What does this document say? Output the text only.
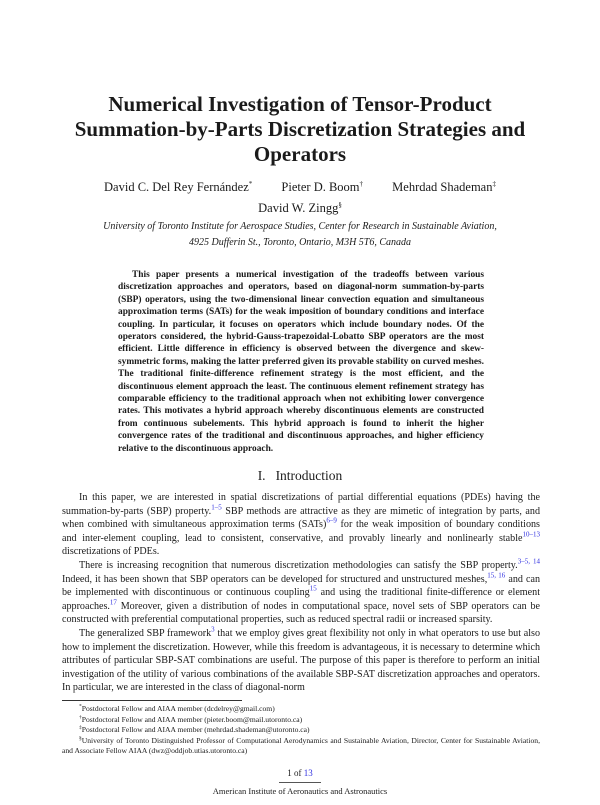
Numerical Investigation of Tensor-Product
Summation-by-Parts Discretization Strategies and
Operators
David C. Del Rey Fernández* Pieter D. Boom† Mehrdad Shademan‡
David W. Zingg§
University of Toronto Institute for Aerospace Studies, Center for Research in Sustainable Aviation,
4925 Dufferin St., Toronto, Ontario, M3H 5T6, Canada
This paper presents a numerical investigation of the tradeoffs between various discretization approaches and operators, based on diagonal-norm summation-by-parts (SBP) operators, using the two-dimensional linear convection equation and simultaneous approximation terms (SATs) for the weak imposition of boundary conditions and interface coupling. In particular, it focuses on operators which include boundary nodes. Of the operators considered, the hybrid-Gauss-trapezoidal-Lobatto SBP operators are the most efficient. Little difference in efficiency is observed between the divergence and skew-symmetric forms, making the latter preferred given its provable stability on curved meshes. The traditional finite-difference refinement strategy is the most efficient, and the discontinuous element approach the least. The continuous element refinement strategy has comparable efficiency to the traditional approach when not exhibiting lower convergence rates. This motivates a hybrid approach whereby discontinuous elements are constructed from continuous subelements. This hybrid approach is found to inherit the higher convergence rates of the traditional and discontinuous approaches, and higher efficiency relative to the discontinuous approach.
I. Introduction

In this paper, we are interested in spatial discretizations of partial differential equations (PDEs) having the summation-by-parts (SBP) property.$^{1-5}$ SBP methods are attractive as they are mimetic of integration by parts, and when combined with simultaneous approximation terms (SATs)$^{6-9}$ for the weak imposition of boundary conditions and inter-element coupling, lead to consistent, conservative, and provably linearly and nonlinearly stable$^{10-13}$ discretizations of PDEs.

There is increasing recognition that numerous discretization methodologies can satisfy the SBP property.$^{3-5, 14}$ Indeed, it has been shown that SBP operators can be developed for structured and unstructured meshes,$^{15, 16}$ and can be implemented with discontinuous or continuous coupling$^{15}$ and using the traditional finite-difference or element approaches.$^{17}$ Moreover, given a distribution of nodes in computational space, novel sets of SBP operators can be constructed with preferential computational properties, such as reduced spectral radii or increased sparsity.

The generalized SBP framework$^3$ that we employ gives great flexibility not only in what operators to use but also how to implement the discretization. However, while this freedom is advantageous, it is necessary to determine which attributes of particular SBP-SAT combinations are useful. The purpose of this paper is therefore to perform an initial investigation of the utility of various combinations of the available SBP-SAT discretization approaches and operators. In particular, we are interested in the class of diagonal-norm

*Postdoctoral Fellow and AIAA member (dcdelrey@gmail.com)
†Postdoctoral Fellow and AIAA member (pieter.boom@mail.utoronto.ca)
‡Postdoctoral Fellow and AIAA member (mehrdad.shademan@utoronto.ca)
§University of Toronto Distinguished Professor of Computational Aerodynamics and Sustainable Aviation, Director, Center for Sustainable Aviation, and Associate Fellow AIAA (dwz@oddjob.utias.utoronto.ca)
1 of 13
American Institute of Aeronautics and Astronautics
